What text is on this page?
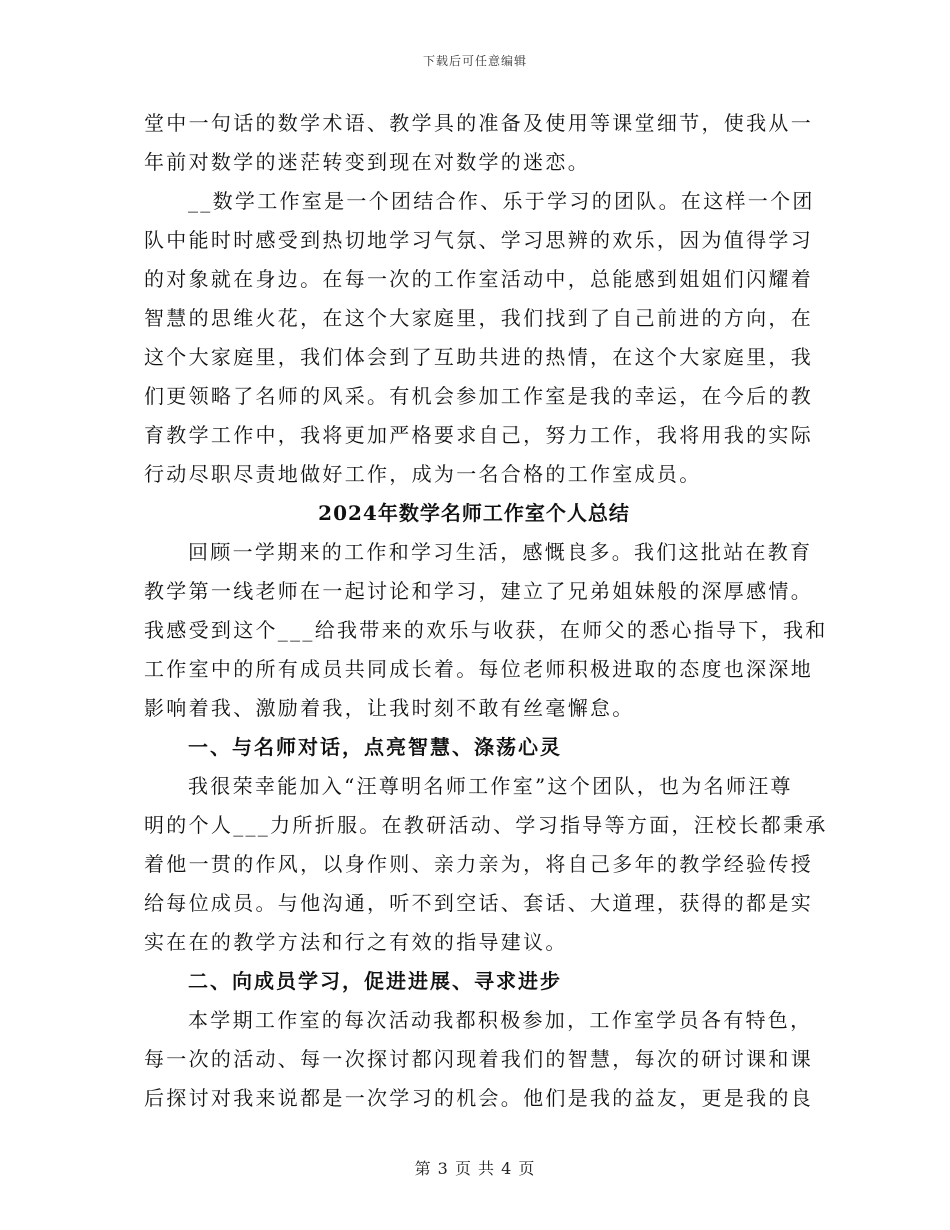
下载后可任意编辑
堂中一句话的数学术语、教学具的准备及使用等课堂细节，使我从一
年前对数学的迷茫转变到现在对数学的迷恋。
__数学工作室是一个团结合作、乐于学习的团队。在这样一个团
队中能时时感受到热切地学习气氛、学习思辨的欢乐，因为值得学习
的对象就在身边。在每一次的工作室活动中，总能感到姐姐们闪耀着
智慧的思维火花，在这个大家庭里，我们找到了自己前进的方向，在
这个大家庭里，我们体会到了互助共进的热情，在这个大家庭里，我
们更领略了名师的风采。有机会参加工作室是我的幸运，在今后的教
育教学工作中，我将更加严格要求自己，努力工作，我将用我的实际
行动尽职尽责地做好工作，成为一名合格的工作室成员。
2024年数学名师工作室个人总结
回顾一学期来的工作和学习生活，感慨良多。我们这批站在教育
教学第一线老师在一起讨论和学习，建立了兄弟姐妹般的深厚感情。
我感受到这个___给我带来的欢乐与收获，在师父的悉心指导下，我和
工作室中的所有成员共同成长着。每位老师积极进取的态度也深深地
影响着我、激励着我，让我时刻不敢有丝毫懈怠。
一、与名师对话，点亮智慧、涤荡心灵
我很荣幸能加入“汪尊明名师工作室”这个团队，也为名师汪尊
明的个人___力所折服。在教研活动、学习指导等方面，汪校长都秉承
着他一贯的作风，以身作则、亲力亲为，将自己多年的教学经验传授
给每位成员。与他沟通，听不到空话、套话、大道理，获得的都是实
实在在的教学方法和行之有效的指导建议。
二、向成员学习，促进进展、寻求进步
本学期工作室的每次活动我都积极参加，工作室学员各有特色，
每一次的活动、每一次探讨都闪现着我们的智慧，每次的研讨课和课
后探讨对我来说都是一次学习的机会。他们是我的益友，更是我的良
第 3 页 共 4 页
